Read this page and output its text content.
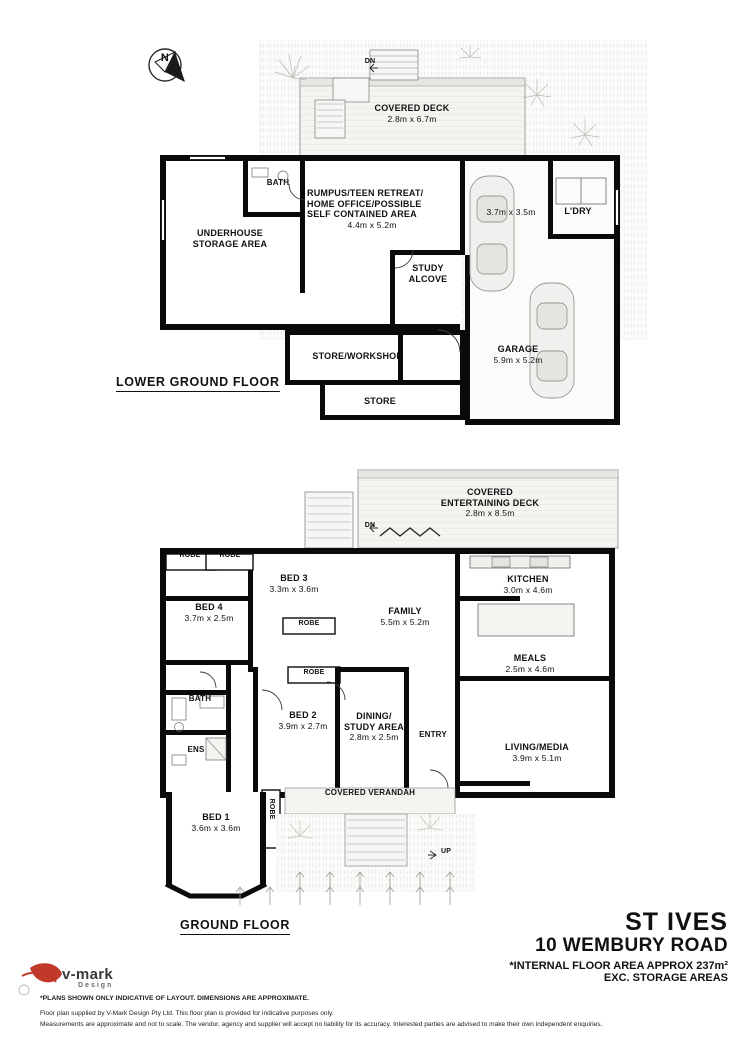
N	DN
COVERED DECK
2.8m x 6.7m
BATH
RUMPUS/TEEN RETREAT/
HOME OFFICE/POSSIBLE
SELF CONTAINED AREA
4.4m x 5.2m
UNDERHOUSE
STORAGE AREA
STUDY
ALCOVE
L'DRY
3.7m x 3.5m
GARAGE
5.9m x 5.2m
STORE/WORKSHOP
STORE
LOWER GROUND FLOOR
COVERED
ENTERTAINING DECK
2.8m x 8.5m
DN
ROBE	ROBE
ROBE
ROBE
ROBE
BED 3
3.3m x 3.6m
BED 4
3.7m x 2.5m
FAMILY
5.5m x 5.2m
KITCHEN
3.0m x 4.6m
MEALS
2.5m x 4.6m
BATH
ENS
BED 2
3.9m x 2.7m
DINING/
STUDY AREA
2.8m x 2.5m	ENTRY
LIVING/MEDIA
3.9m x 5.1m
COVERED VERANDAH
BED 1
3.6m x 3.6m
UP
GROUND FLOOR	ST IVES
10 WEMBURY ROAD
*INTERNAL FLOOR AREA APPROX 237m²
EXC. STORAGE AREAS
v-mark
Design
*PLANS SHOWN ONLY INDICATIVE OF LAYOUT. DIMENSIONS ARE APPROXIMATE.
Floor plan supplied by V-Mark Design Pty Ltd. This floor plan is provided for indicative purposes only.
Measurements are approximate and not to scale. The vendor, agency and supplier will accept no liability for its accuracy. Interested parties are advised to make their own independent enquiries.
